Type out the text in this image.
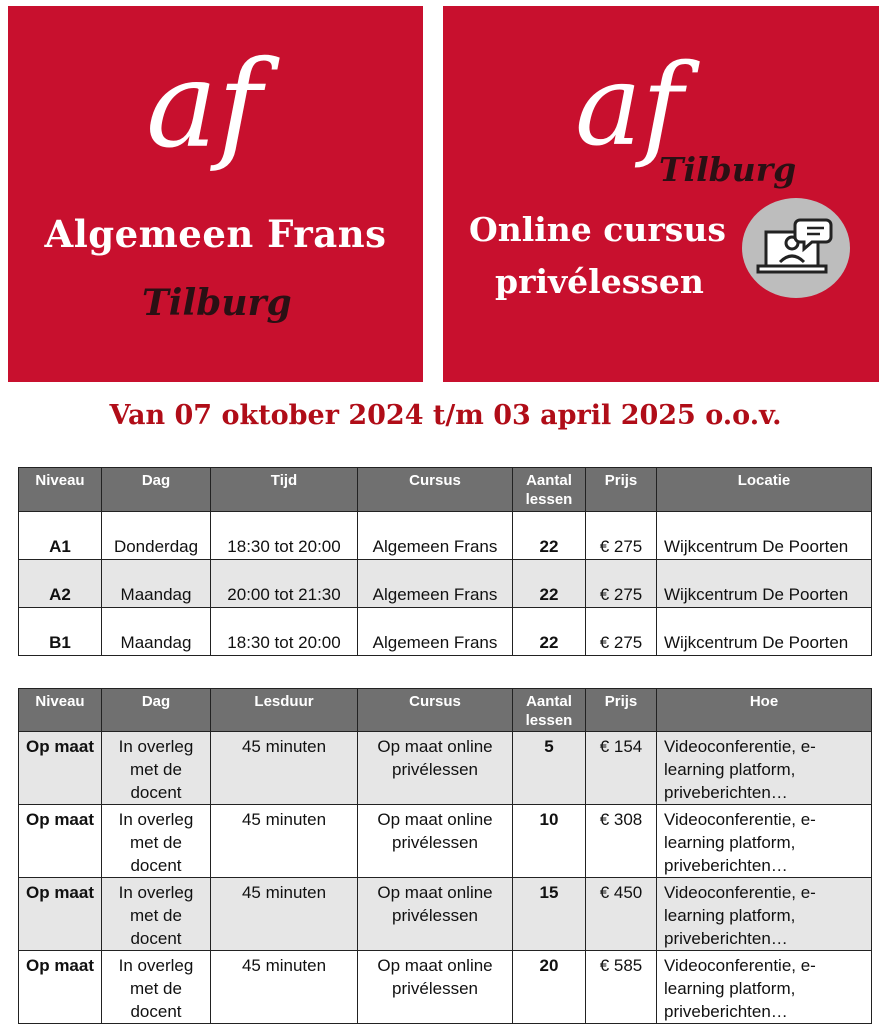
af
Algemeen Frans
Tilburg
af
Tilburg
Online cursus
privélessen
Van 07 oktober 2024 t/m 03 april 2025 o.o.v.
Niveau	Dag	Tijd	Cursus	Aantal lessen	Prijs	Locatie
A1	Donderdag	18:30 tot 20:00	Algemeen Frans	22	€ 275	Wijkcentrum De Poorten
A2	Maandag	20:00 tot 21:30	Algemeen Frans	22	€ 275	Wijkcentrum De Poorten
B1	Maandag	18:30 tot 20:00	Algemeen Frans	22	€ 275	Wijkcentrum De Poorten
Niveau	Dag	Lesduur	Cursus	Aantal lessen	Prijs	Hoe
Op maat	In overleg met de docent	45 minuten	Op maat online privélessen	5	€ 154	Videoconferentie, e-learning platform, priveberichten…
Op maat	In overleg met de docent	45 minuten	Op maat online privélessen	10	€ 308	Videoconferentie, e-learning platform, priveberichten…
Op maat	In overleg met de docent	45 minuten	Op maat online privélessen	15	€ 450	Videoconferentie, e-learning platform, priveberichten…
Op maat	In overleg met de docent	45 minuten	Op maat online privélessen	20	€ 585	Videoconferentie, e-learning platform, priveberichten…
